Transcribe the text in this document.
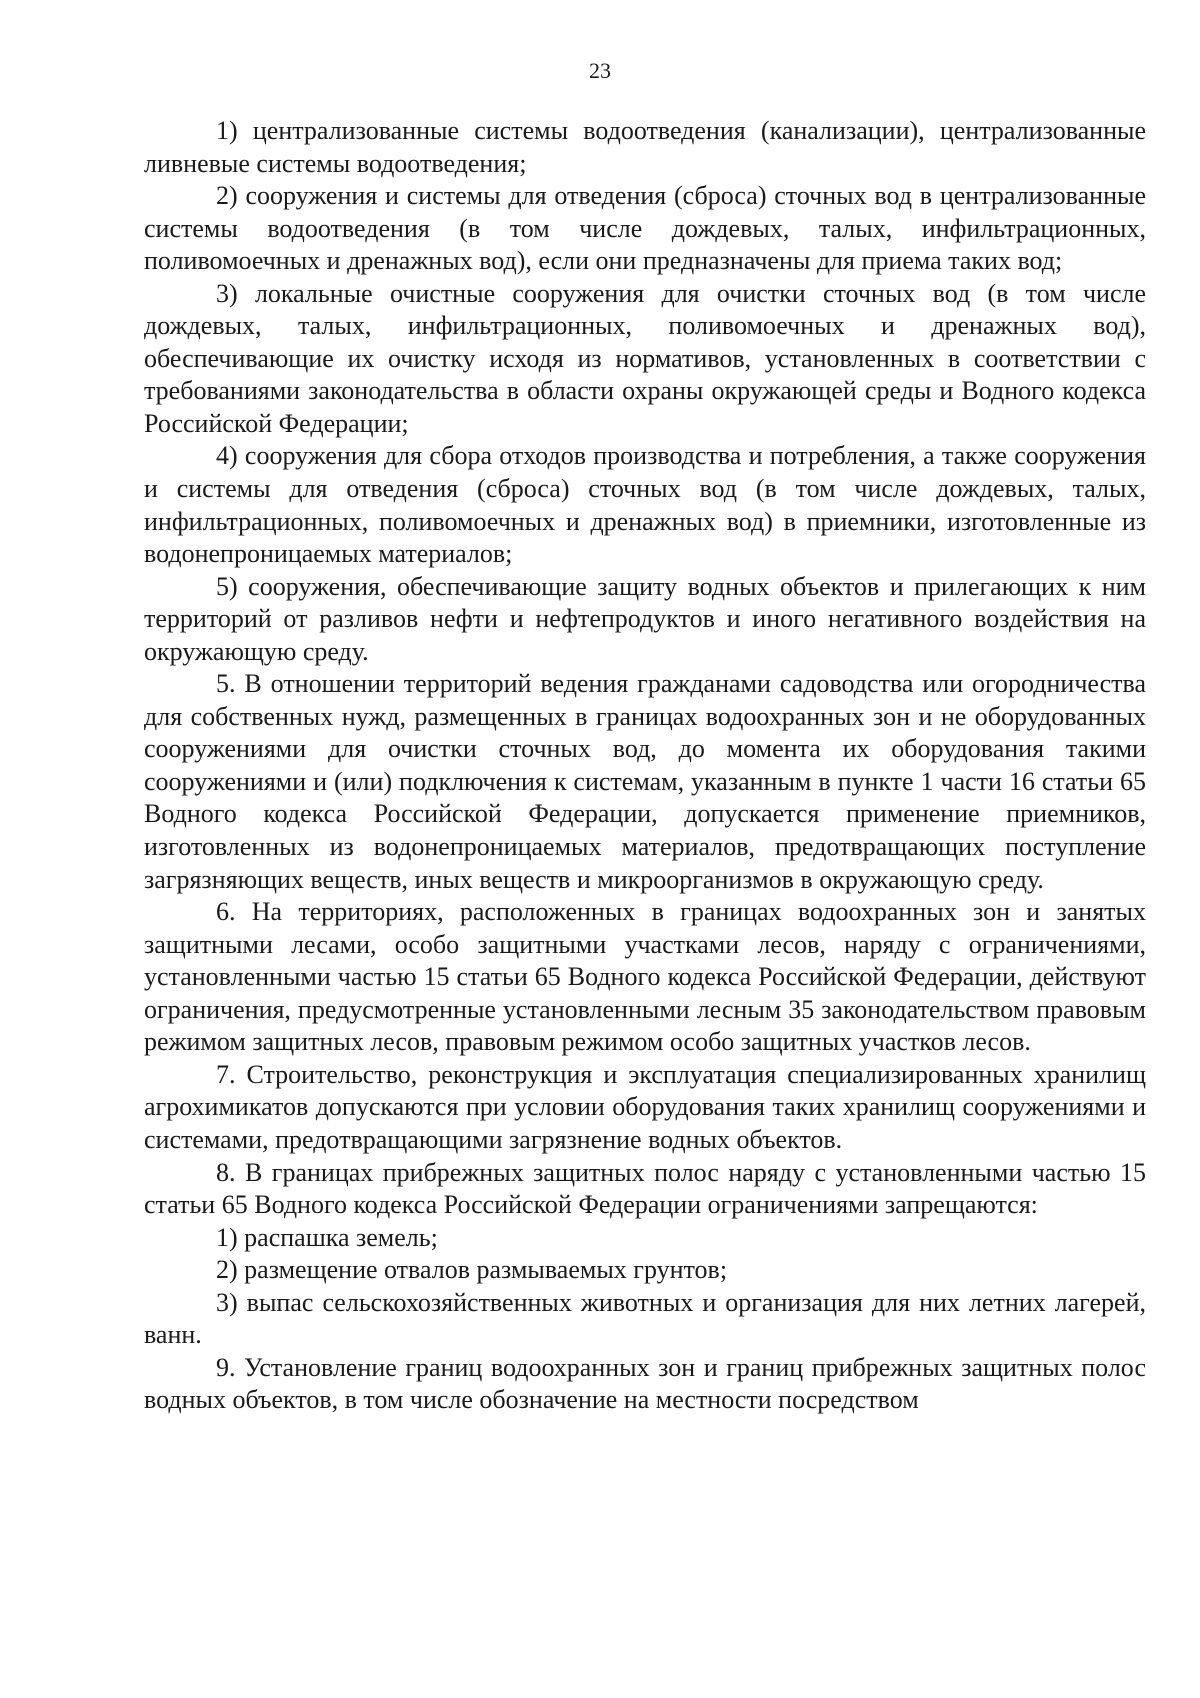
23

1) централизованные системы водоотведения (канализации), централизованные ливневые системы водоотведения;

2) сооружения и системы для отведения (сброса) сточных вод в централизованные системы водоотведения (в том числе дождевых, талых, инфильтрационных, поливомоечных и дренажных вод), если они предназначены для приема таких вод;

3) локальные очистные сооружения для очистки сточных вод (в том числе дождевых, талых, инфильтрационных, поливомоечных и дренажных вод), обеспечивающие их очистку исходя из нормативов, установленных в соответствии с требованиями законодательства в области охраны окружающей среды и Водного кодекса Российской Федерации;

4) сооружения для сбора отходов производства и потребления, а также сооружения и системы для отведения (сброса) сточных вод (в том числе дождевых, талых, инфильтрационных, поливомоечных и дренажных вод) в приемники, изготовленные из водонепроницаемых материалов;

5) сооружения, обеспечивающие защиту водных объектов и прилегающих к ним территорий от разливов нефти и нефтепродуктов и иного негативного воздействия на окружающую среду.

5. В отношении территорий ведения гражданами садоводства или огородничества для собственных нужд, размещенных в границах водоохранных зон и не оборудованных сооружениями для очистки сточных вод, до момента их оборудования такими сооружениями и (или) подключения к системам, указанным в пункте 1 части 16 статьи 65 Водного кодекса Российской Федерации, допускается применение приемников, изготовленных из водонепроницаемых материалов, предотвращающих поступление загрязняющих веществ, иных веществ и микроорганизмов в окружающую среду.

6. На территориях, расположенных в границах водоохранных зон и занятых защитными лесами, особо защитными участками лесов, наряду с ограничениями, установленными частью 15 статьи 65 Водного кодекса Российской Федерации, действуют ограничения, предусмотренные установленными лесным 35 законодательством правовым режимом защитных лесов, правовым режимом особо защитных участков лесов.

7. Строительство, реконструкция и эксплуатация специализированных хранилищ агрохимикатов допускаются при условии оборудования таких хранилищ сооружениями и системами, предотвращающими загрязнение водных объектов.

8. В границах прибрежных защитных полос наряду с установленными частью 15 статьи 65 Водного кодекса Российской Федерации ограничениями запрещаются:

1) распашка земель;

2) размещение отвалов размываемых грунтов;

3) выпас сельскохозяйственных животных и организация для них летних лагерей, ванн.

9. Установление границ водоохранных зон и границ прибрежных защитных полос водных объектов, в том числе обозначение на местности посредством
